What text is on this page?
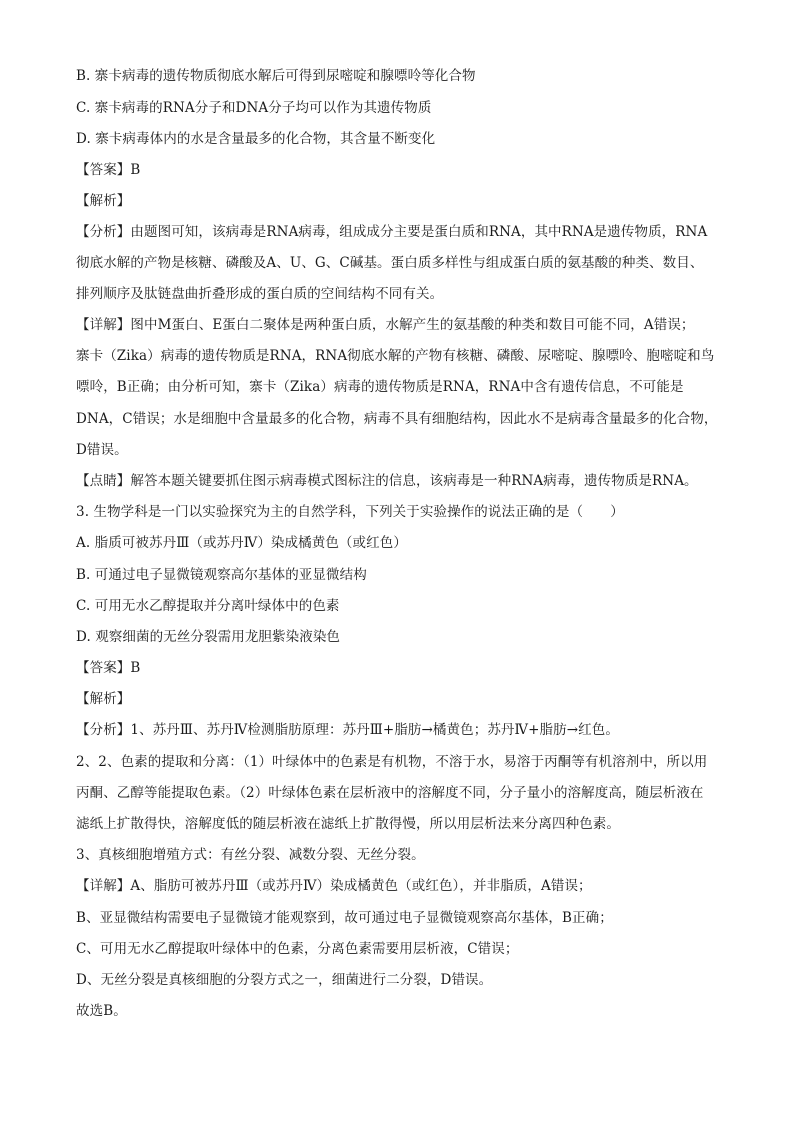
B. 寨卡病毒的遗传物质彻底水解后可得到尿嘧啶和腺嘌呤等化合物
C. 寨卡病毒的RNA分子和DNA分子均可以作为其遗传物质
D. 寨卡病毒体内的水是含量最多的化合物，其含量不断变化
【答案】B
【解析】
【分析】由题图可知，该病毒是RNA病毒，组成成分主要是蛋白质和RNA，其中RNA是遗传物质，RNA
彻底水解的产物是核糖、磷酸及A、U、G、C碱基。蛋白质多样性与组成蛋白质的氨基酸的种类、数目、
排列顺序及肽链盘曲折叠形成的蛋白质的空间结构不同有关。
【详解】图中M蛋白、E蛋白二聚体是两种蛋白质，水解产生的氨基酸的种类和数目可能不同，A错误；
寨卡（Zika）病毒的遗传物质是RNA，RNA彻底水解的产物有核糖、磷酸、尿嘧啶、腺嘌呤、胞嘧啶和鸟
嘌呤，B正确；由分析可知，寨卡（Zika）病毒的遗传物质是RNA，RNA中含有遗传信息，不可能是
DNA，C错误；水是细胞中含量最多的化合物，病毒不具有细胞结构，因此水不是病毒含量最多的化合物，
D错误。
【点睛】解答本题关键要抓住图示病毒模式图标注的信息，该病毒是一种RNA病毒，遗传物质是RNA。
3. 生物学科是一门以实验探究为主的自然学科，下列关于实验操作的说法正确的是（　　）
A. 脂质可被苏丹Ⅲ（或苏丹Ⅳ）染成橘黄色（或红色）
B. 可通过电子显微镜观察高尔基体的亚显微结构
C. 可用无水乙醇提取并分离叶绿体中的色素
D. 观察细菌的无丝分裂需用龙胆紫染液染色
【答案】B
【解析】
【分析】1、苏丹Ⅲ、苏丹Ⅳ检测脂肪原理：苏丹Ⅲ+脂肪→橘黄色；苏丹Ⅳ+脂肪→红色。
2、2、色素的提取和分离：（1）叶绿体中的色素是有机物，不溶于水，易溶于丙酮等有机溶剂中，所以用
丙酮、乙醇等能提取色素。（2）叶绿体色素在层析液中的溶解度不同，分子量小的溶解度高，随层析液在
滤纸上扩散得快，溶解度低的随层析液在滤纸上扩散得慢，所以用层析法来分离四种色素。
3、真核细胞增殖方式：有丝分裂、减数分裂、无丝分裂。
【详解】A、脂肪可被苏丹Ⅲ（或苏丹Ⅳ）染成橘黄色（或红色），并非脂质，A错误；
B、亚显微结构需要电子显微镜才能观察到，故可通过电子显微镜观察高尔基体，B正确；
C、可用无水乙醇提取叶绿体中的色素，分离色素需要用层析液，C错误；
D、无丝分裂是真核细胞的分裂方式之一，细菌进行二分裂，D错误。
故选B。
